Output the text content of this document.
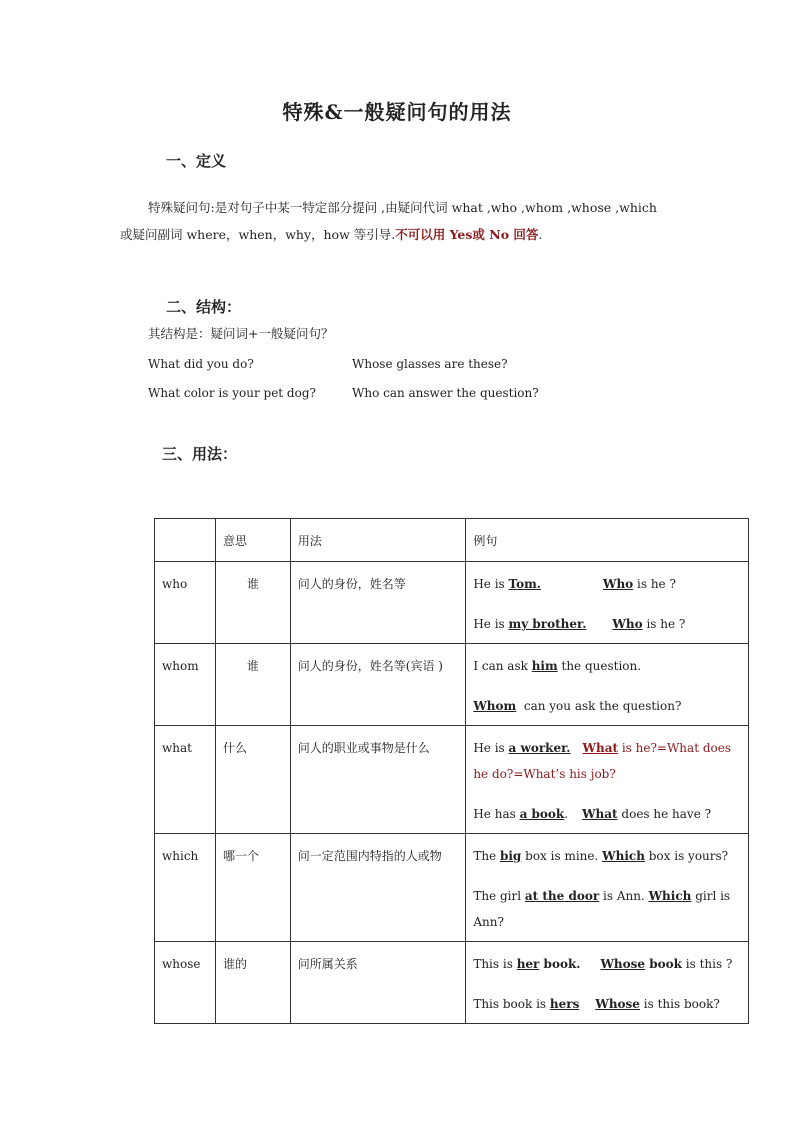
特殊&一般疑问句的用法
一、定义
特殊疑问句:是对句子中某一特定部分提问 ,由疑问代词 what ,who ,whom ,whose ,which
或疑问副词 where，when，why，how 等引导.不可以用 Yes或 No 回答.
二、结构：
其结构是：疑问词+一般疑问句？
What did you do?	Whose glasses are these?
What color is your pet dog?	Who can answer the question?
三、用法：

	意思	用法	例句

who	谁	问人的身份，姓名等	He is Tom. Who is he ?

He is my brother. Who is he ?

whom	谁	问人的身份，姓名等(宾语 )	I can ask him the question.

Whom  can you ask the question?

what	什么	问人的职业或事物是什么	He is a worker. What is he?=What does he do?=What’s his job?

He has a book. What does he have ?

which	哪一个	问一定范围内特指的人或物	The big box is mine. Which box is yours?

The girl at the door is Ann. Which girl is Ann?

whose	谁的	问所属关系	This is her book. Whose book is this ?

This book is hers Whose is this book?
